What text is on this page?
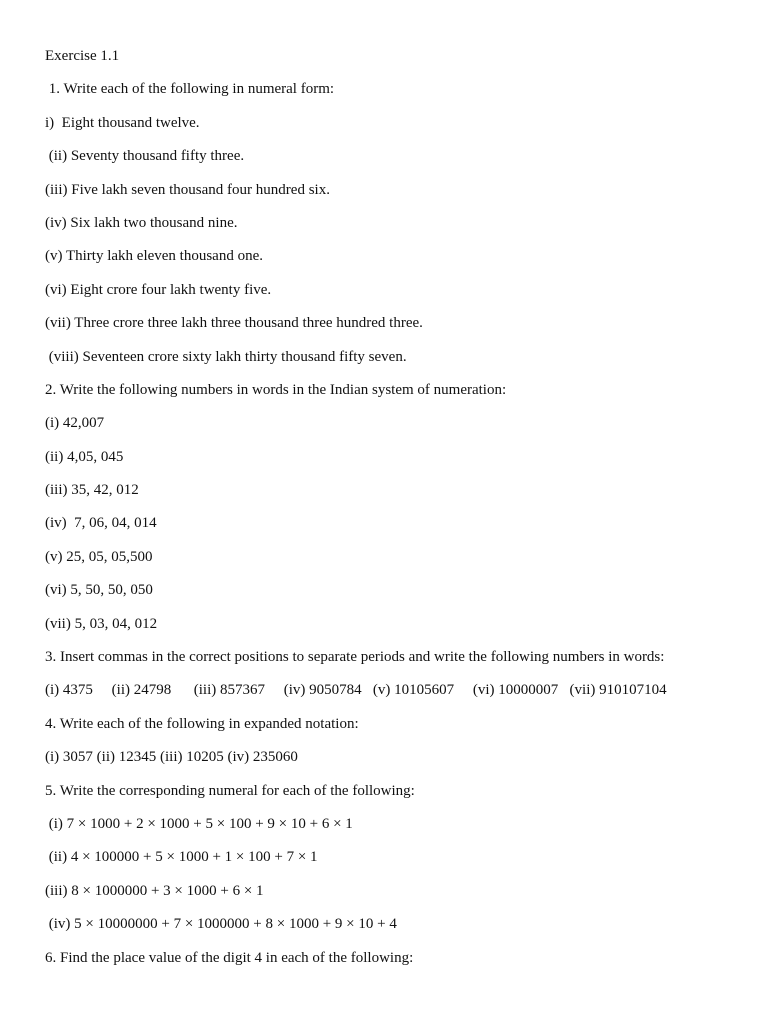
Exercise 1.1
1. Write each of the following in numeral form:
i)  Eight thousand twelve.
(ii) Seventy thousand fifty three.
(iii) Five lakh seven thousand four hundred six.
(iv) Six lakh two thousand nine.
(v) Thirty lakh eleven thousand one.
(vi) Eight crore four lakh twenty five.
(vii) Three crore three lakh three thousand three hundred three.
(viii) Seventeen crore sixty lakh thirty thousand fifty seven.
2. Write the following numbers in words in the Indian system of numeration:
(i) 42,007
(ii) 4,05, 045
(iii) 35, 42, 012
(iv)  7, 06, 04, 014
(v) 25, 05, 05,500
(vi) 5, 50, 50, 050
(vii) 5, 03, 04, 012
3. Insert commas in the correct positions to separate periods and write the following numbers in words:
(i) 4375     (ii) 24798      (iii) 857367     (iv) 9050784   (v) 10105607     (vi) 10000007   (vii) 910107104
4. Write each of the following in expanded notation:
(i) 3057 (ii) 12345 (iii) 10205 (iv) 235060
5. Write the corresponding numeral for each of the following:
(i) 7 × 1000 + 2 × 1000 + 5 × 100 + 9 × 10 + 6 × 1
(ii) 4 × 100000 + 5 × 1000 + 1 × 100 + 7 × 1
(iii) 8 × 1000000 + 3 × 1000 + 6 × 1
(iv) 5 × 10000000 + 7 × 1000000 + 8 × 1000 + 9 × 10 + 4
6. Find the place value of the digit 4 in each of the following:
